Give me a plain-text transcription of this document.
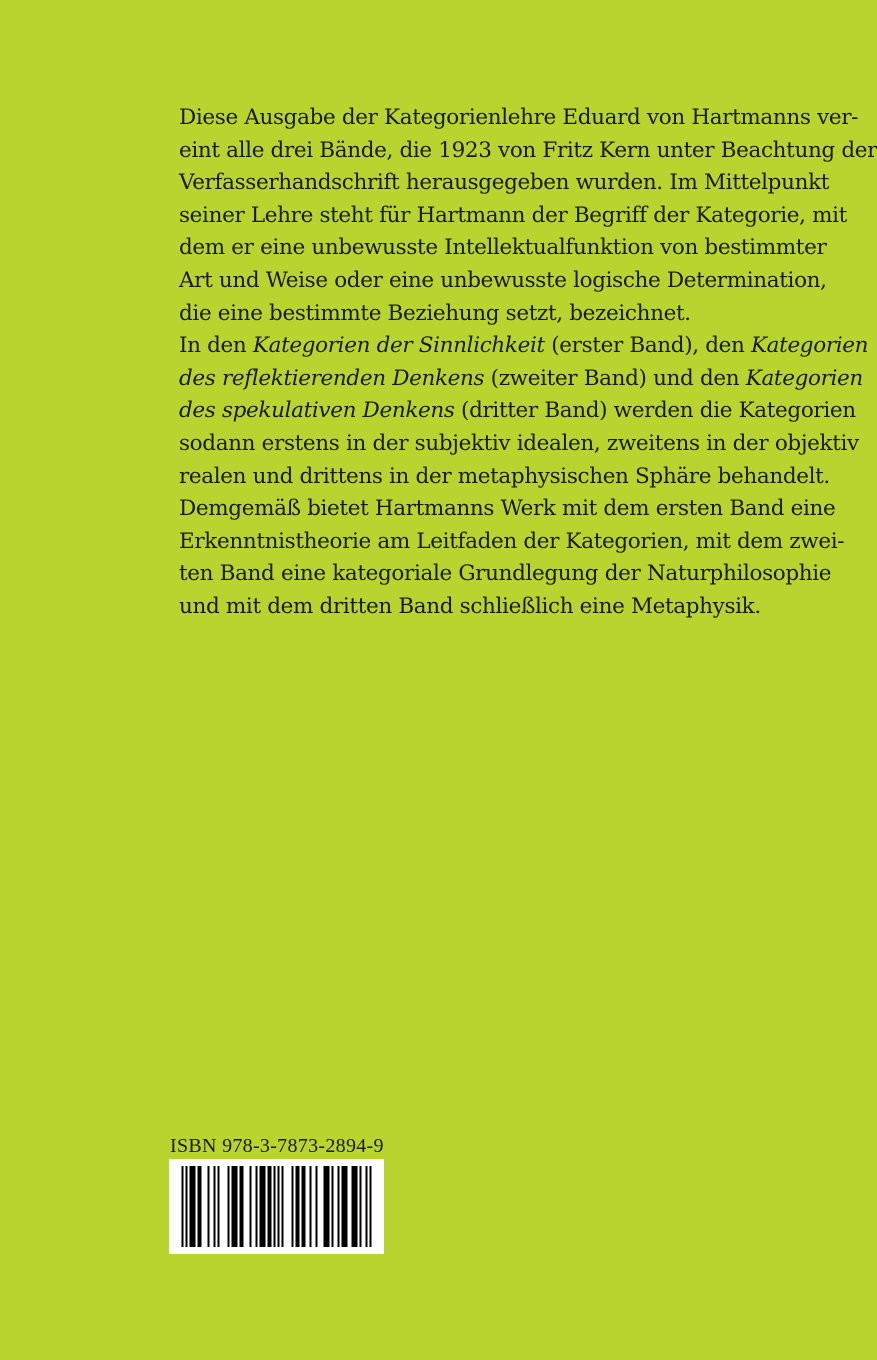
Diese Ausgabe der Kategorienlehre Eduard von Hartmanns ver-
eint alle drei Bände, die 1923 von Fritz Kern unter Beachtung der
Verfasserhandschrift herausgegeben wurden. Im Mittelpunkt
seiner Lehre steht für Hartmann der Begriff der Kategorie, mit
dem er eine unbewusste Intellektualfunktion von bestimmter
Art und Weise oder eine unbewusste logische Determination,
die eine bestimmte Beziehung setzt, bezeichnet.
In den Kategorien der Sinnlichkeit (erster Band), den Kategorien
des reflektierenden Denkens (zweiter Band) und den Kategorien
des spekulativen Denkens (dritter Band) werden die Kategorien
sodann erstens in der subjektiv idealen, zweitens in der objektiv
realen und drittens in der metaphysischen Sphäre behandelt.
Demgemäß bietet Hartmanns Werk mit dem ersten Band eine
Erkenntnistheorie am Leitfaden der Kategorien, mit dem zwei-
ten Band eine kategoriale Grundlegung der Naturphilosophie
und mit dem dritten Band schließlich eine Metaphysik.
ISBN 978-3-7873-2894-9
